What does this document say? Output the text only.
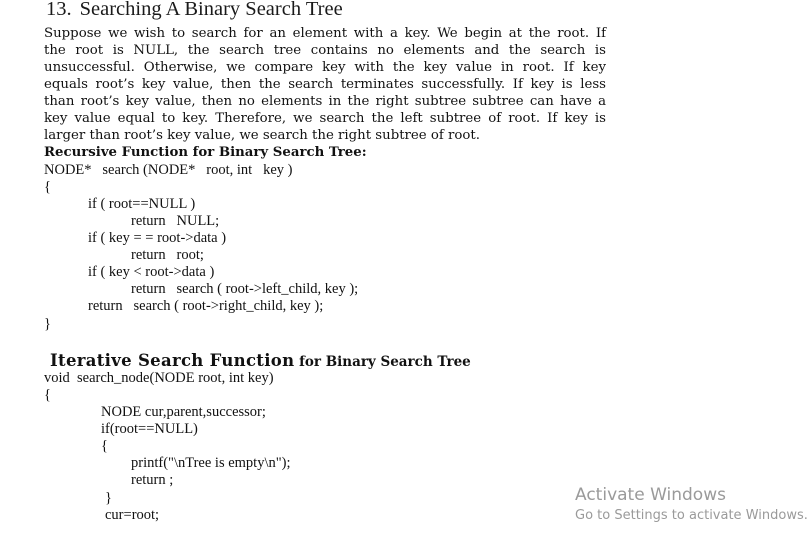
13. Searching A Binary Search Tree
Suppose we wish to search for an element with a key. We begin at the root. If
the root is NULL, the search tree contains no elements and the search is
unsuccessful. Otherwise, we compare key with the key value in root. If key
equals root’s key value, then the search terminates successfully. If key is less
than root’s key value, then no elements in the right subtree subtree can have a
key value equal to key. Therefore, we search the left subtree of root. If key is
larger than root’s key value, we search the right subtree of root.
Recursive Function for Binary Search Tree:
NODE*   search (NODE*   root, int   key )
{
if ( root==NULL )
return   NULL;
if ( key = = root->data )
return   root;
if ( key < root->data )
return   search ( root->left_child, key );
return   search ( root->right_child, key );
}
Iterative Search Function for Binary Search Tree
void  search_node(NODE root, int key)
{
NODE cur,parent,successor;
if(root==NULL)
{
printf("\nTree is empty\n");
return ;
}
cur=root;
Activate Windows
Go to Settings to activate Windows.
